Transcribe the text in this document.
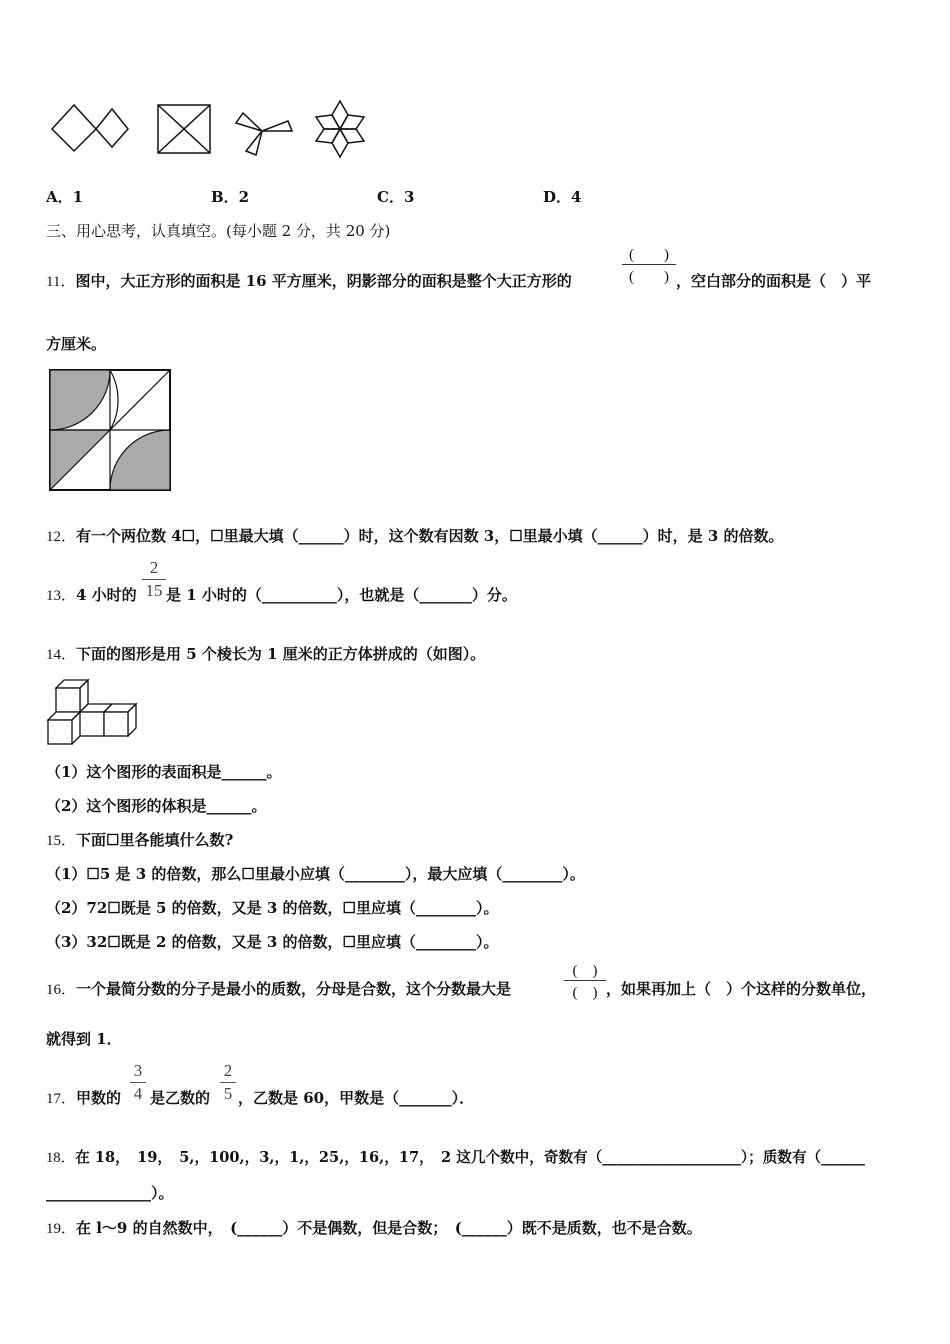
A．1	B．2	C．3	D．4
三、用心思考，认真填空。(每小题 2 分，共 20 分)
11．图中，大正方形的面积是 16 平方厘米，阴影部分的面积是整个大正方形的
(　　)
(　　) ，空白部分的面积是（　）平
方厘米。
12．有一个两位数 4☐，☐里最大填（______）时，这个数有因数 3，☐里最小填（______）时，是 3 的倍数。
13．4 小时的
2
15 是 1 小时的（__________），也就是（_______）分。
14．下面的图形是用 5 个棱长为 1 厘米的正方体拼成的（如图）。
（1）这个图形的表面积是______。
（2）这个图形的体积是______。
15．下面☐里各能填什么数?
（1）☐5 是 3 的倍数，那么☐里最小应填（________），最大应填（________）。
（2）72☐既是 5 的倍数，又是 3 的倍数，☐里应填（________）。
（3）32☐既是 2 的倍数，又是 3 的倍数，☐里应填（________）。
16．一个最简分数的分子是最小的质数，分母是合数，这个分数最大是
(　)
(　) ，如果再加上（　）个这样的分数单位，
就得到 1．
17．甲数的
3
4 是乙数的
2
5 ，乙数是 60，甲数是（_______）．
18．在 18，　19，　5,，100,，3,，1,，25,，16,，17，　2 这几个数中，奇数有（___________________）；质数有（______
______________）。
19．在 l～9 的自然数中，　(______）不是偶数，但是合数；　(______）既不是质数，也不是合数。
